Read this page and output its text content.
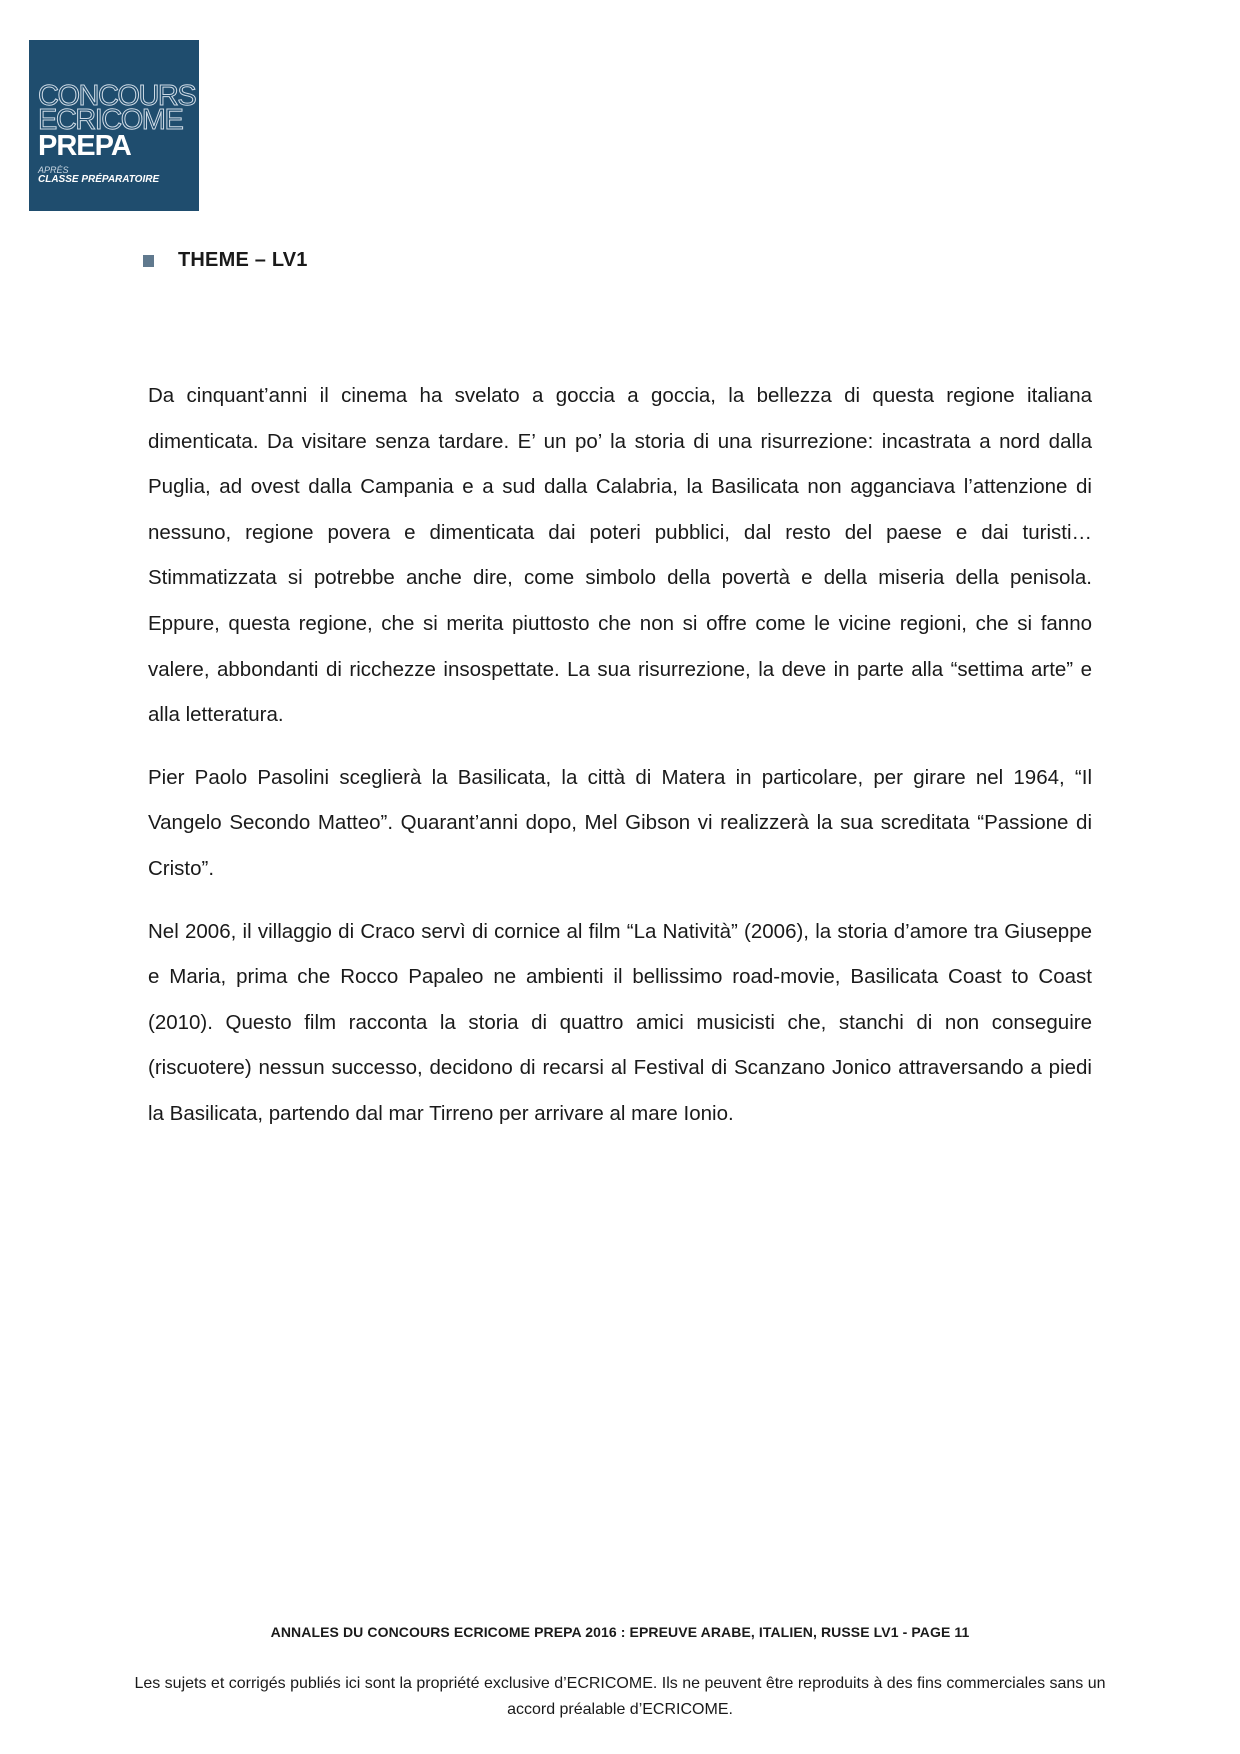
CONCOURS
ECRICOME
PREPA
APRÈS
CLASSE PRÉPARATOIRE
THEME – LV1

Da cinquant’anni il cinema ha svelato a goccia a goccia, la bellezza di questa regione italiana dimenticata. Da visitare senza tardare. E’ un po’ la storia di una risurrezione: incastrata a nord dalla Puglia, ad ovest dalla Campania e a sud dalla Calabria, la Basilicata non agganciava l’attenzione di nessuno, regione povera e dimenticata dai poteri pubblici, dal resto del paese e dai turisti… Stimmatizzata si potrebbe anche dire, come simbolo della povertà e della miseria della penisola. Eppure, questa regione, che si merita piuttosto che non si offre come le vicine regioni, che si fanno valere, abbondanti di ricchezze insospettate. La sua risurrezione, la deve in parte alla “settima arte” e alla letteratura.

Pier Paolo Pasolini sceglierà la Basilicata, la città di Matera in particolare, per girare nel 1964, “Il Vangelo Secondo Matteo”. Quarant’anni dopo, Mel Gibson vi realizzerà la sua screditata “Passione di Cristo”.

Nel 2006, il villaggio di Craco servì di cornice al film “La Natività” (2006), la storia d’amore tra Giuseppe e Maria, prima che Rocco Papaleo ne ambienti il bellissimo road-movie, Basilicata Coast to Coast (2010). Questo film racconta la storia di quattro amici musicisti che, stanchi di non conseguire (riscuotere) nessun successo, decidono di recarsi al Festival di Scanzano Jonico attraversando a piedi la Basilicata, partendo dal mar Tirreno per arrivare al mare Ionio.

ANNALES DU CONCOURS ECRICOME PREPA 2016 : EPREUVE ARABE, ITALIEN, RUSSE LV1 - PAGE 11
Les sujets et corrigés publiés ici sont la propriété exclusive d’ECRICOME. Ils ne peuvent être reproduits à des fins commerciales sans un accord préalable d’ECRICOME.
